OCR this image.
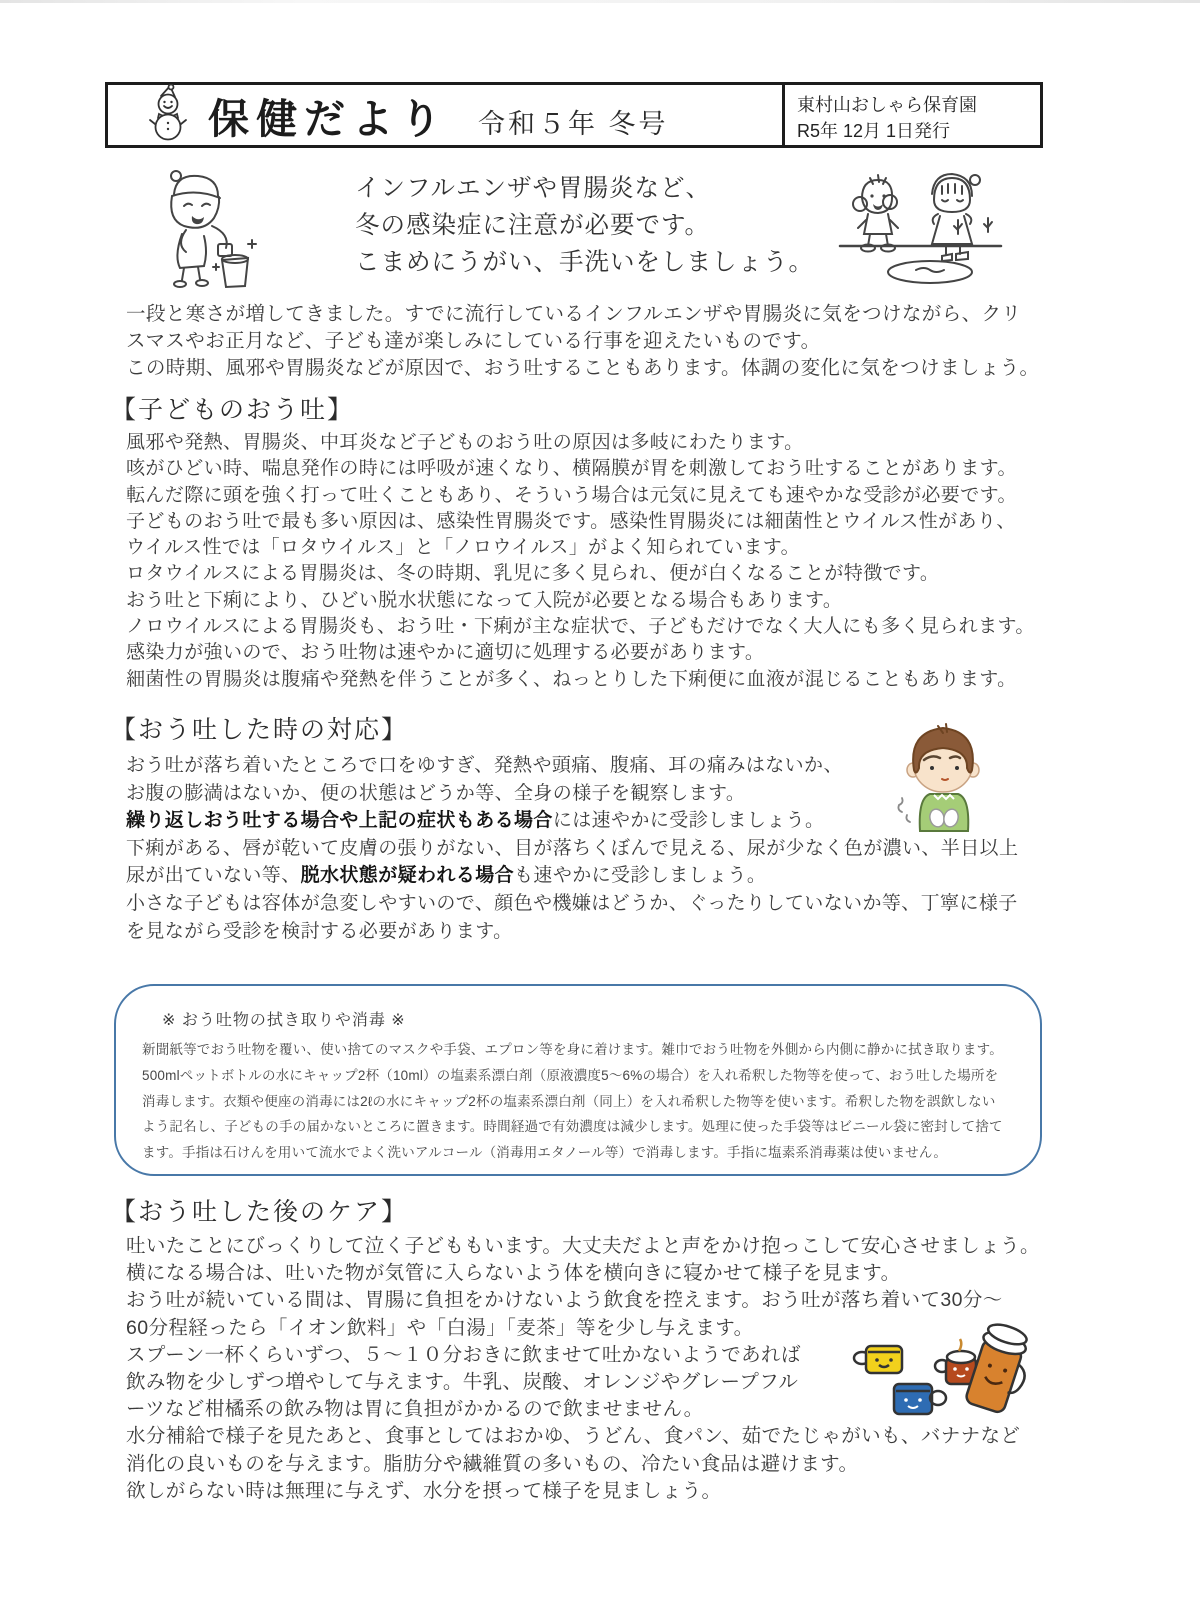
保健だより 令和５年 冬号
東村山おしゃら保育園
R5年 12月 1日発行
インフルエンザや胃腸炎など、
冬の感染症に注意が必要です。
こまめにうがい、手洗いをしましょう。
一段と寒さが増してきました。すでに流行しているインフルエンザや胃腸炎に気をつけながら、クリ
スマスやお正月など、子ども達が楽しみにしている行事を迎えたいものです。
この時期、風邪や胃腸炎などが原因で、おう吐することもあります。体調の変化に気をつけましょう。
【子どものおう吐】
風邪や発熱、胃腸炎、中耳炎など子どものおう吐の原因は多岐にわたります。
咳がひどい時、喘息発作の時には呼吸が速くなり、横隔膜が胃を刺激しておう吐することがあります。
転んだ際に頭を強く打って吐くこともあり、そういう場合は元気に見えても速やかな受診が必要です。
子どものおう吐で最も多い原因は、感染性胃腸炎です。感染性胃腸炎には細菌性とウイルス性があり、
ウイルス性では「ロタウイルス」と「ノロウイルス」がよく知られています。
ロタウイルスによる胃腸炎は、冬の時期、乳児に多く見られ、便が白くなることが特徴です。
おう吐と下痢により、ひどい脱水状態になって入院が必要となる場合もあります。
ノロウイルスによる胃腸炎も、おう吐・下痢が主な症状で、子どもだけでなく大人にも多く見られます。
感染力が強いので、おう吐物は速やかに適切に処理する必要があります。
細菌性の胃腸炎は腹痛や発熱を伴うことが多く、ねっとりした下痢便に血液が混じることもあります。
【おう吐した時の対応】
おう吐が落ち着いたところで口をゆすぎ、発熱や頭痛、腹痛、耳の痛みはないか、
お腹の膨満はないか、便の状態はどうか等、全身の様子を観察します。
繰り返しおう吐する場合や上記の症状もある場合には速やかに受診しましょう。
下痢がある、唇が乾いて皮膚の張りがない、目が落ちくぼんで見える、尿が少なく色が濃い、半日以上
尿が出ていない等、脱水状態が疑われる場合も速やかに受診しましょう。
小さな子どもは容体が急変しやすいので、顔色や機嫌はどうか、ぐったりしていないか等、丁寧に様子
を見ながら受診を検討する必要があります。
※ おう吐物の拭き取りや消毒 ※
新聞紙等でおう吐物を覆い、使い捨てのマスクや手袋、エプロン等を身に着けます。雑巾でおう吐物を外側から内側に静かに拭き取ります。
500mlペットボトルの水にキャップ2杯（10ml）の塩素系漂白剤（原液濃度5～6%の場合）を入れ希釈した物等を使って、おう吐した場所を
消毒します。衣類や便座の消毒には2ℓの水にキャップ2杯の塩素系漂白剤（同上）を入れ希釈した物等を使います。希釈した物を誤飲しない
よう記名し、子どもの手の届かないところに置きます。時間経過で有効濃度は減少します。処理に使った手袋等はビニール袋に密封して捨て
ます。手指は石けんを用いて流水でよく洗いアルコール（消毒用エタノール等）で消毒します。手指に塩素系消毒薬は使いません。
【おう吐した後のケア】
吐いたことにびっくりして泣く子どももいます。大丈夫だよと声をかけ抱っこして安心させましょう。
横になる場合は、吐いた物が気管に入らないよう体を横向きに寝かせて様子を見ます。
おう吐が続いている間は、胃腸に負担をかけないよう飲食を控えます。おう吐が落ち着いて30分～
60分程経ったら「イオン飲料」や「白湯」「麦茶」等を少し与えます。
スプーン一杯くらいずつ、５～１０分おきに飲ませて吐かないようであれば
飲み物を少しずつ増やして与えます。牛乳、炭酸、オレンジやグレープフル
ーツなど柑橘系の飲み物は胃に負担がかかるので飲ませません。
水分補給で様子を見たあと、食事としてはおかゆ、うどん、食パン、茹でたじゃがいも、バナナなど
消化の良いものを与えます。脂肪分や繊維質の多いもの、冷たい食品は避けます。
欲しがらない時は無理に与えず、水分を摂って様子を見ましょう。
